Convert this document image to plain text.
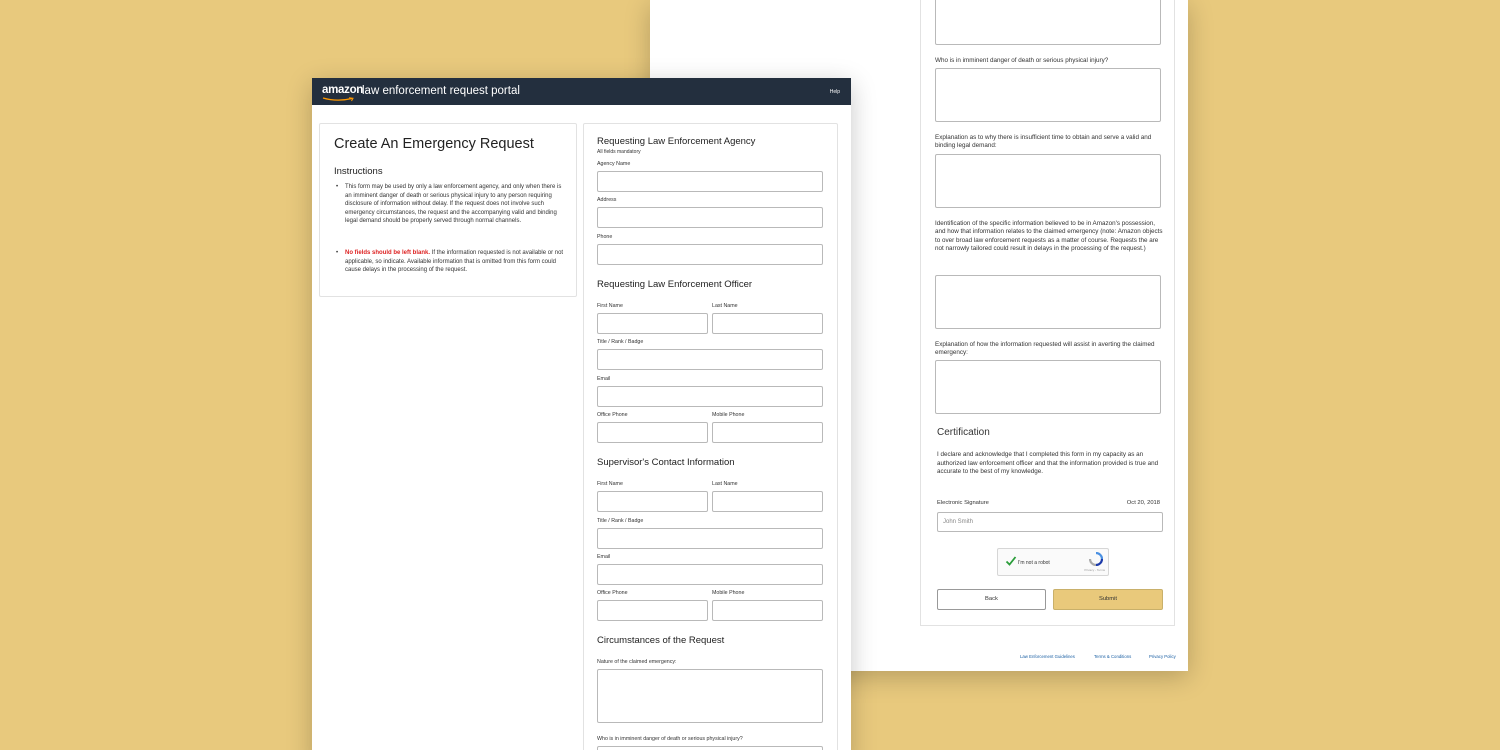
Who is in imminent danger of death or serious physical injury?
Explanation as to why there is insufficient time to obtain and serve a valid and binding legal demand:
Identification of the specific information believed to be in Amazon's possession, and how that information relates to the claimed emergency (note: Amazon objects to over broad law enforcement requests as a matter of course. Requests the are not narrowly tailored could result in delays in the processing of the request.)
Explanation of how the information requested will assist in averting the claimed emergency:
Certification
I declare and acknowledge that I completed this form in my capacity as an authorized law enforcement officer and that the information provided is true and accurate to the best of my knowledge.
Electronic Signature	Oct 20, 2018
John Smith
I'm not a robot
Privacy - Terms
Back	Submit
Law Enforcement Guidelines	Terms & Conditions	Privacy Policy
amazon
law enforcement request portal	Help
Create An Emergency Request
Instructions
• This form may be used by only a law enforcement agency, and only when there is an imminent danger of death or serious physical injury to any person requiring disclosure of information without delay. If the request does not involve such emergency circumstances, the request and the accompanying valid and binding legal demand should be properly served through normal channels.
• No fields should be left blank. If the information requested is not available or not applicable, so indicate. Available information that is omitted from this form could cause delays in the processing of the request.
Requesting Law Enforcement Agency
All fields mandatory
Agency Name
Address
Phone
Requesting Law Enforcement Officer
First Name	Last Name
Title / Rank / Badge
Email
Office Phone	Mobile Phone
Supervisor's Contact Information
First Name	Last Name
Title / Rank / Badge
Email
Office Phone	Mobile Phone
Circumstances of the Request
Nature of the claimed emergency:
Who is in imminent danger of death or serious physical injury?
